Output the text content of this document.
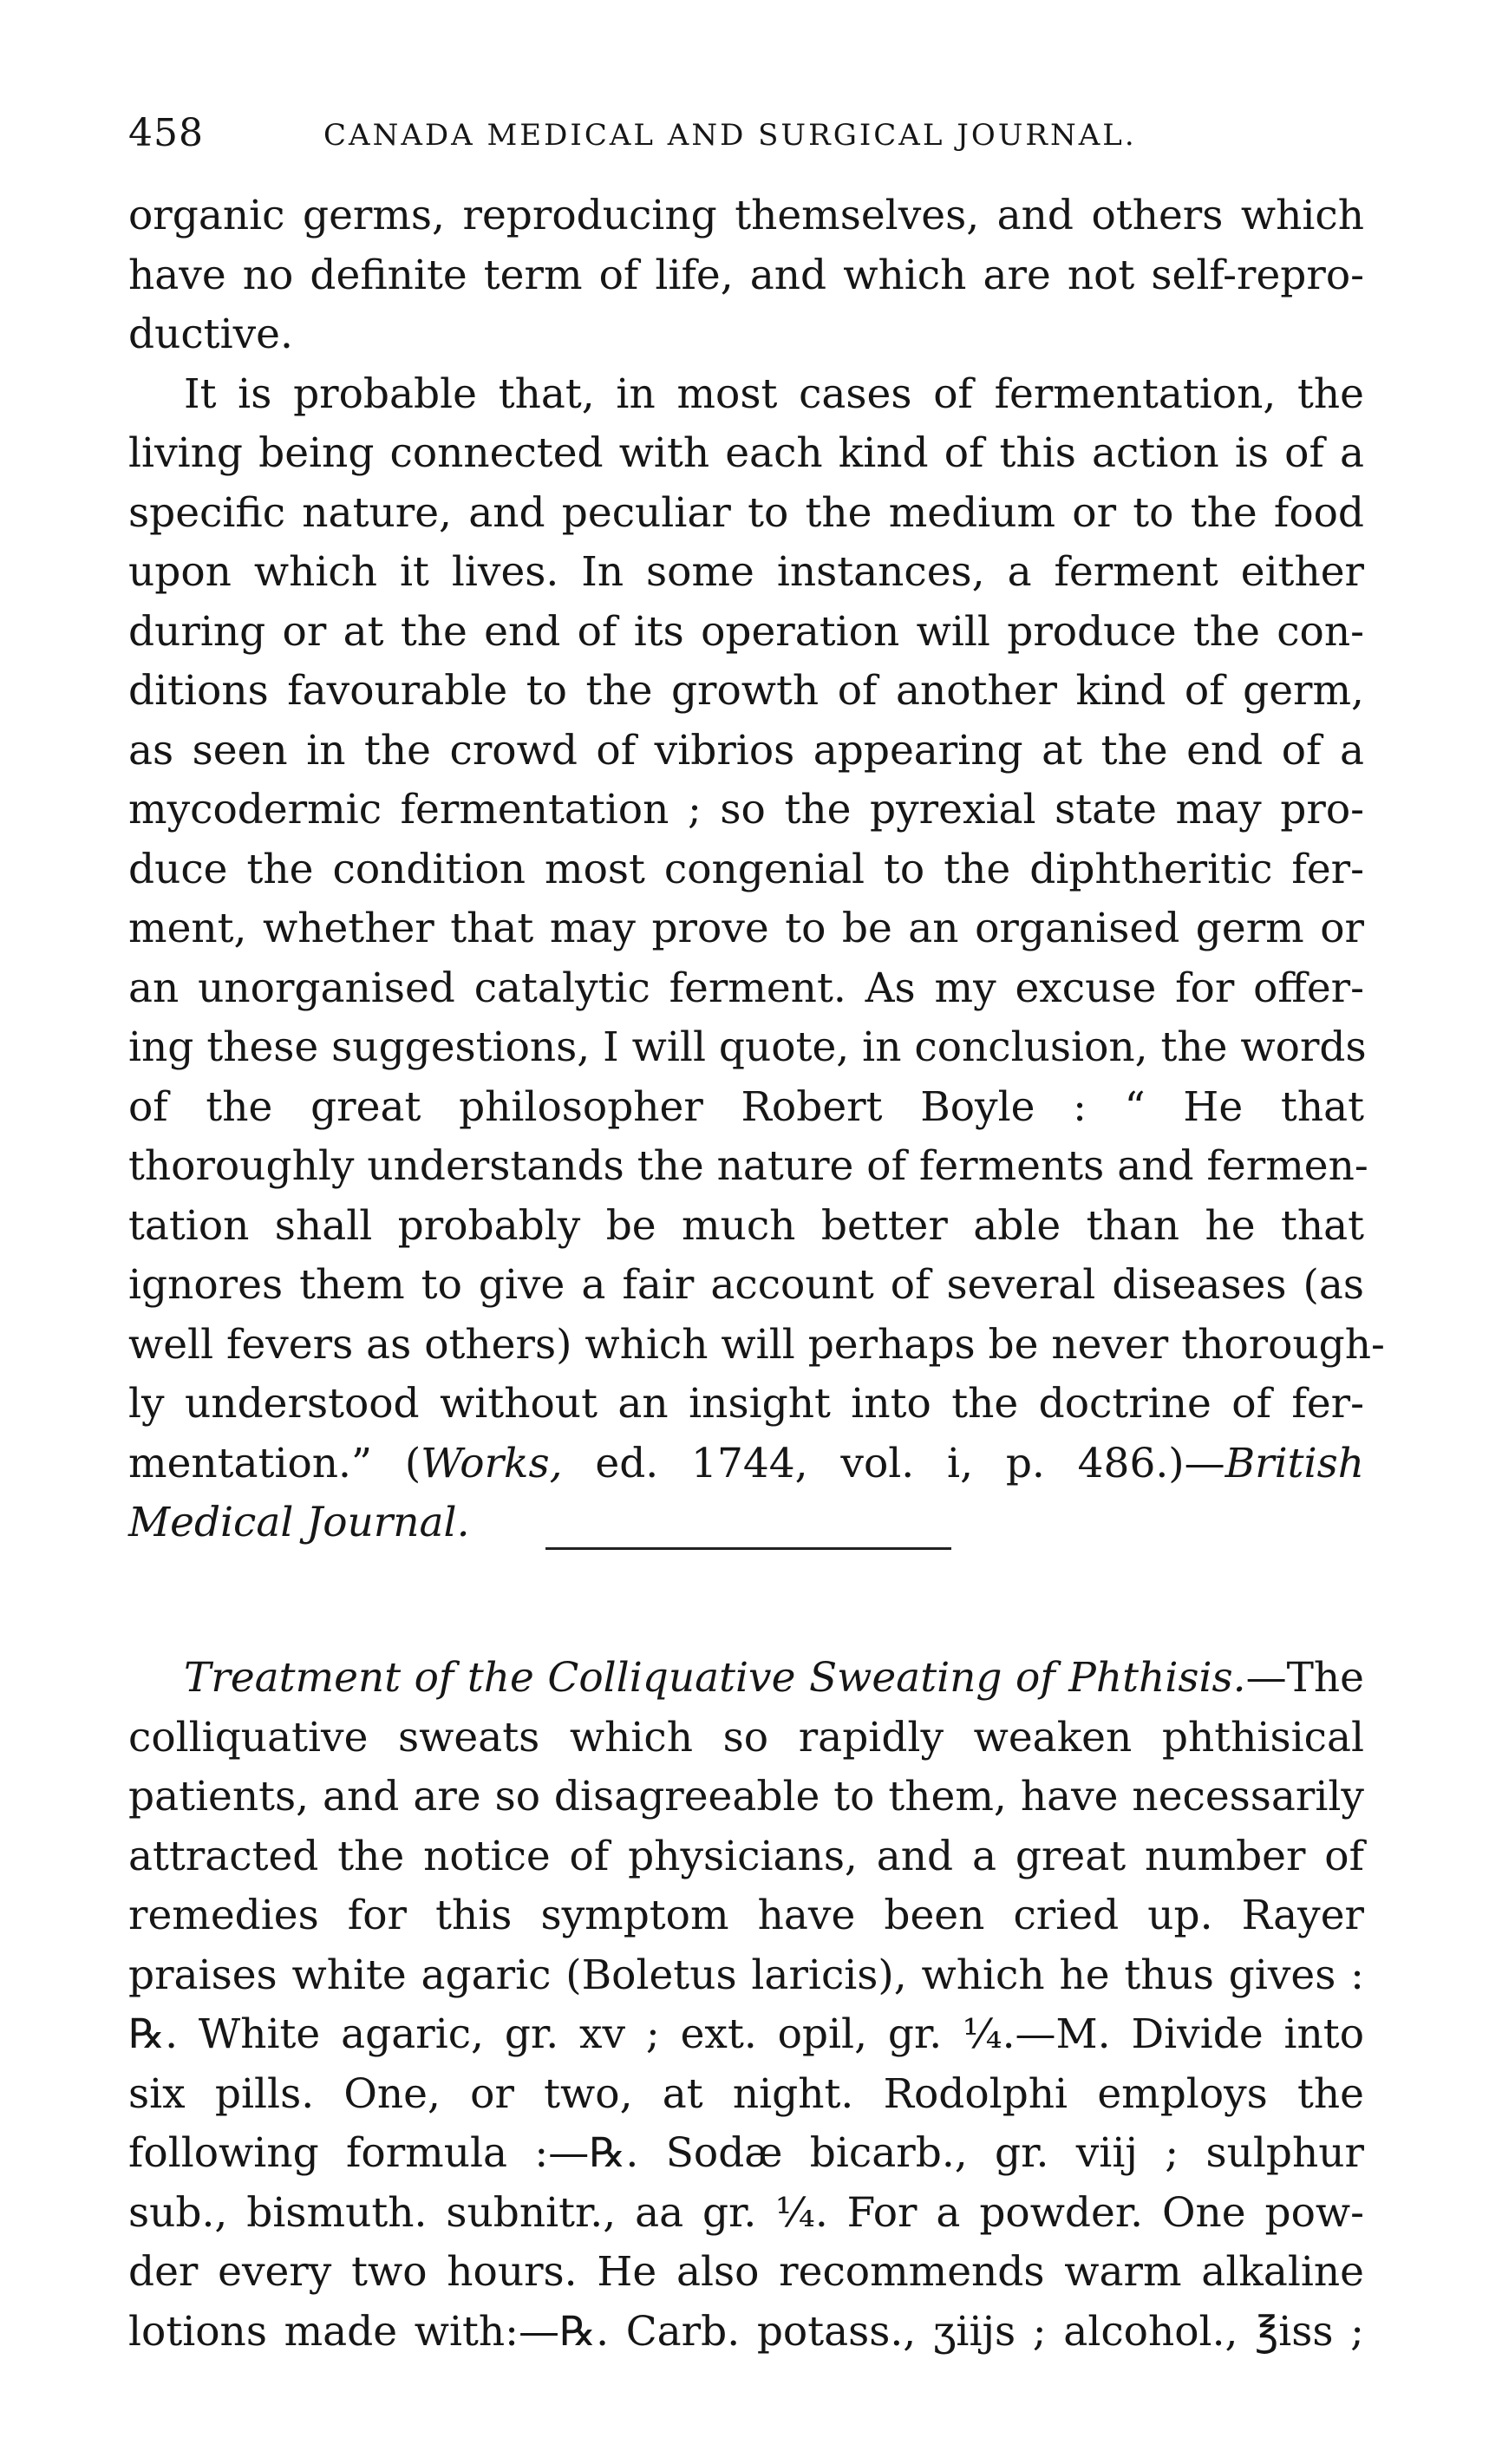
458	CANADA MEDICAL AND SURGICAL JOURNAL.
organic germs, reproducing themselves, and others which
have no definite term of life, and which are not self-repro-
ductive.
It is probable that, in most cases of fermentation, the
living being connected with each kind of this action is of a
specific nature, and peculiar to the medium or to the food
upon which it lives. In some instances, a ferment either
during or at the end of its operation will produce the con-
ditions favourable to the growth of another kind of germ,
as seen in the crowd of vibrios appearing at the end of a
mycodermic fermentation ; so the pyrexial state may pro-
duce the condition most congenial to the diphtheritic fer-
ment, whether that may prove to be an organised germ or
an unorganised catalytic ferment. As my excuse for offer-
ing these suggestions, I will quote, in conclusion, the words
of the great philosopher Robert Boyle : “ He that
thoroughly understands the nature of ferments and fermen-
tation shall probably be much better able than he that
ignores them to give a fair account of several diseases (as
well fevers as others) which will perhaps be never thorough-
ly understood without an insight into the doctrine of fer-
mentation.” (Works, ed. 1744, vol. i, p. 486.)—British
Medical Journal.
Treatment of the Colliquative Sweating of Phthisis.—The
colliquative sweats which so rapidly weaken phthisical
patients, and are so disagreeable to them, have necessarily
attracted the notice of physicians, and a great number of
remedies for this symptom have been cried up. Rayer
praises white agaric (Boletus laricis), which he thus gives :
℞. White agaric, gr. xv ; ext. opil, gr. ¼.—M. Divide into
six pills. One, or two, at night. Rodolphi employs the
following formula :—℞. Sodæ bicarb., gr. viij ; sulphur
sub., bismuth. subnitr., aa gr. ¼. For a powder. One pow-
der every two hours. He also recommends warm alkaline
lotions made with:—℞. Carb. potass., ʒiijs ; alcohol., ℥iss ;
